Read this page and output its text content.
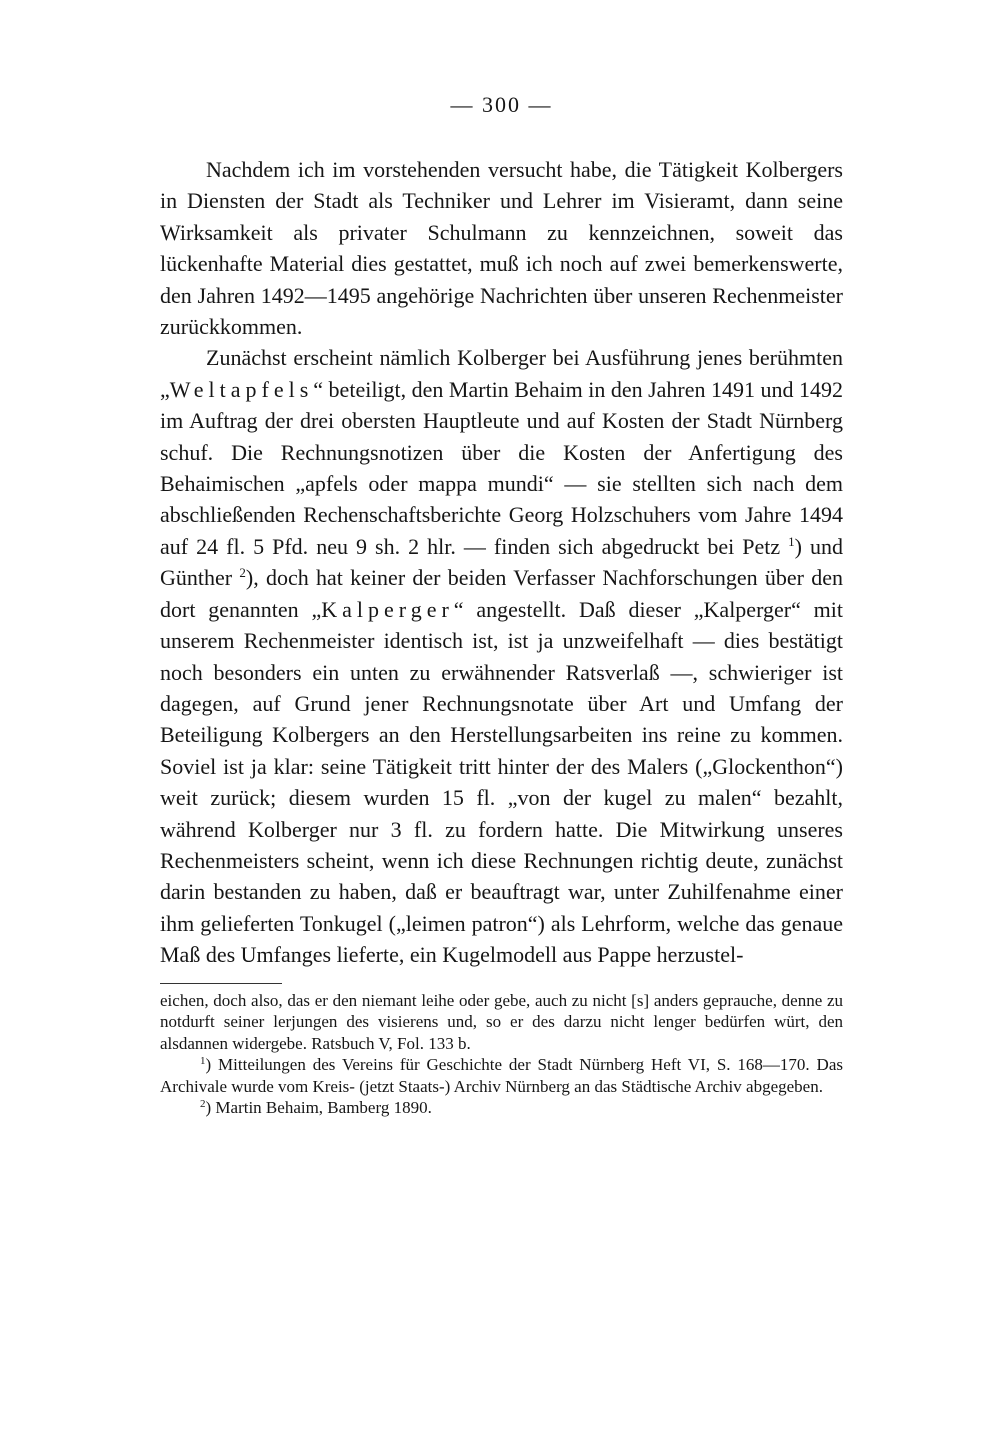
— 300 —

Nachdem ich im vorstehenden versucht habe, die Tätigkeit Kolbergers in Diensten der Stadt als Techniker und Lehrer im Visieramt, dann seine Wirksamkeit als privater Schulmann zu kennzeichnen, soweit das lückenhafte Material dies gestattet, muß ich noch auf zwei bemerkenswerte, den Jahren 1492—1495 angehörige Nachrichten über unseren Rechenmeister zurückkommen.

Zunächst erscheint nämlich Kolberger bei Ausführung jenes berühmten „Weltapfels“ beteiligt, den Martin Behaim in den Jahren 1491 und 1492 im Auftrag der drei obersten Hauptleute und auf Kosten der Stadt Nürnberg schuf. Die Rechnungsnotizen über die Kosten der Anfertigung des Behaimischen „apfels oder mappa mundi“ — sie stellten sich nach dem abschließenden Rechenschaftsberichte Georg Holzschuhers vom Jahre 1494 auf 24 fl. 5 Pfd. neu 9 sh. 2 hlr. — finden sich abgedruckt bei Petz $^1$) und Günther $^2$), doch hat keiner der beiden Verfasser Nachforschungen über den dort genannten „Kalperger“ angestellt. Daß dieser „Kalperger“ mit unserem Rechenmeister identisch ist, ist ja unzweifelhaft — dies bestätigt noch besonders ein unten zu erwähnender Ratsverlaß —, schwieriger ist dagegen, auf Grund jener Rechnungsnotate über Art und Umfang der Beteiligung Kolbergers an den Herstellungsarbeiten ins reine zu kommen. Soviel ist ja klar: seine Tätigkeit tritt hinter der des Malers („Glockenthon“) weit zurück; diesem wurden 15 fl. „von der kugel zu malen“ bezahlt, während Kolberger nur 3 fl. zu fordern hatte. Die Mitwirkung unseres Rechenmeisters scheint, wenn ich diese Rechnungen richtig deute, zunächst darin bestanden zu haben, daß er beauftragt war, unter Zuhilfenahme einer ihm gelieferten Tonkugel („leimen patron“) als Lehrform, welche das genaue Maß des Umfanges lieferte, ein Kugelmodell aus Pappe herzustel-

eichen, doch also, das er den niemant leihe oder gebe, auch zu nicht [s] anders geprauche, denne zu notdurft seiner lerjungen des visierens und, so er des darzu nicht lenger bedürfen würt, den alsdannen widergebe. Ratsbuch V, Fol. 133 b.

$^1$) Mitteilungen des Vereins für Geschichte der Stadt Nürnberg Heft VI, S. 168—170. Das Archivale wurde vom Kreis- (jetzt Staats-) Archiv Nürnberg an das Städtische Archiv abgegeben.

$^2$) Martin Behaim, Bamberg 1890.
